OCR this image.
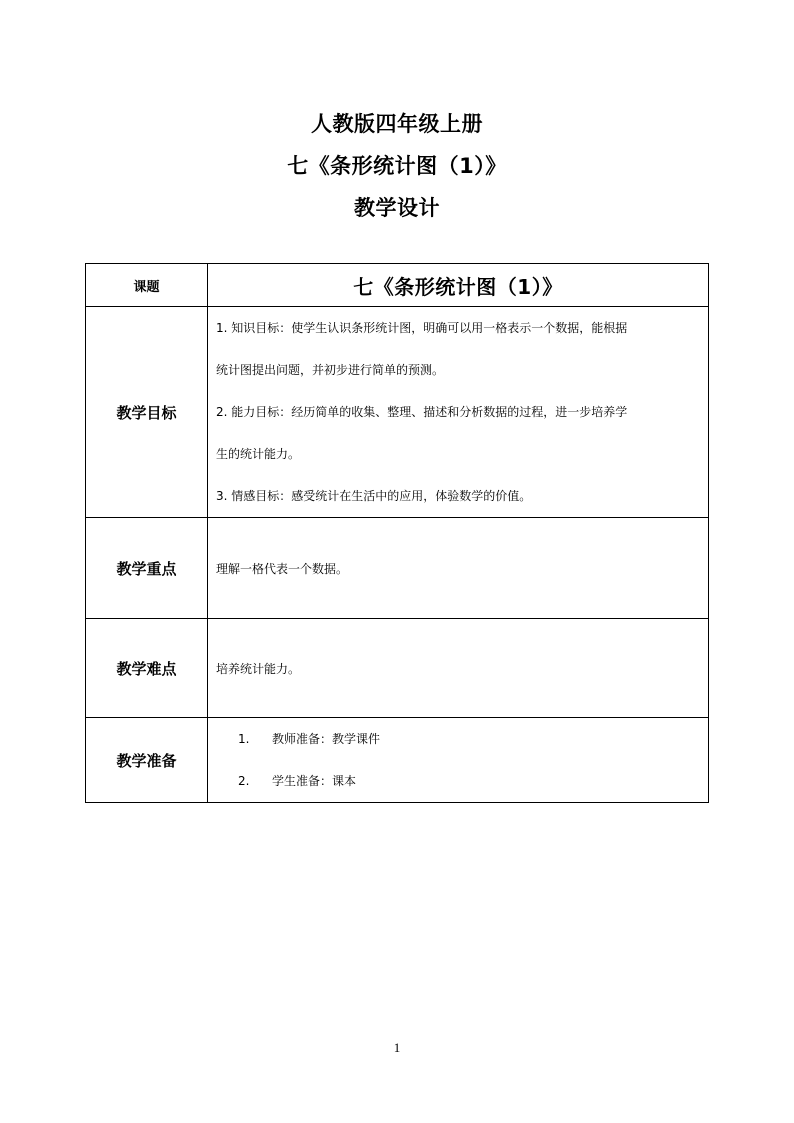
人教版四年级上册
七《条形统计图（1）》
教学设计
课题	七《条形统计图（1）》
教学目标	1. 知识目标：使学生认识条形统计图，明确可以用一格表示一个数据，能根据
统计图提出问题，并初步进行简单的预测。
2. 能力目标：经历简单的收集、整理、描述和分析数据的过程，进一步培养学
生的统计能力。
3. 情感目标：感受统计在生活中的应用，体验数学的价值。

教学重点	理解一格代表一个数据。
教学难点	培养统计能力。
教学准备	1. 教师准备：教学课件
2. 学生准备：课本
1
